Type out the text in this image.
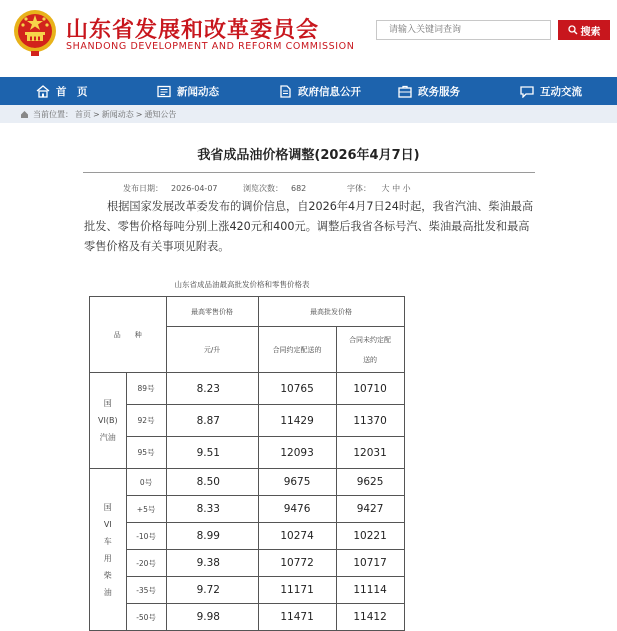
山东省发展和改革委员会
SHANDONG DEVELOPMENT AND REFORM COMMISSION
请输入关键词查询
搜索
首　页	新闻动态	政府信息公开	政务服务	互动交流
当前位置： 首页 > 新闻动态 > 通知公告
我省成品油价格调整(2026年4月7日)
发布日期： 2026-04-07	浏览次数： 682	字体： 大 中 小
根据国家发展改革委发布的调价信息，自2026年4月7日24时起，我省汽油、柴油最高批发、零售价格每吨分别上涨420元和400元。调整后我省各标号汽、柴油最高批发和最高零售价格及有关事项见附表。
山东省成品油最高批发价格和零售价格表
品　　种		最高零售价格	最高批发价格	
		元/升	合同约定配送的	合同未约定配送的
国VI(B)汽油	89号	8.23	10765	10710
	92号	8.87	11429	11370
	95号	9.51	12093	12031
国VI车用柴油	0号	8.50	9675	9625
	+5号	8.33	9476	9427
	-10号	8.99	10274	10221
	-20号	9.38	10772	10717
	-35号	9.72	11171	11114
	-50号	9.98	11471	11412
